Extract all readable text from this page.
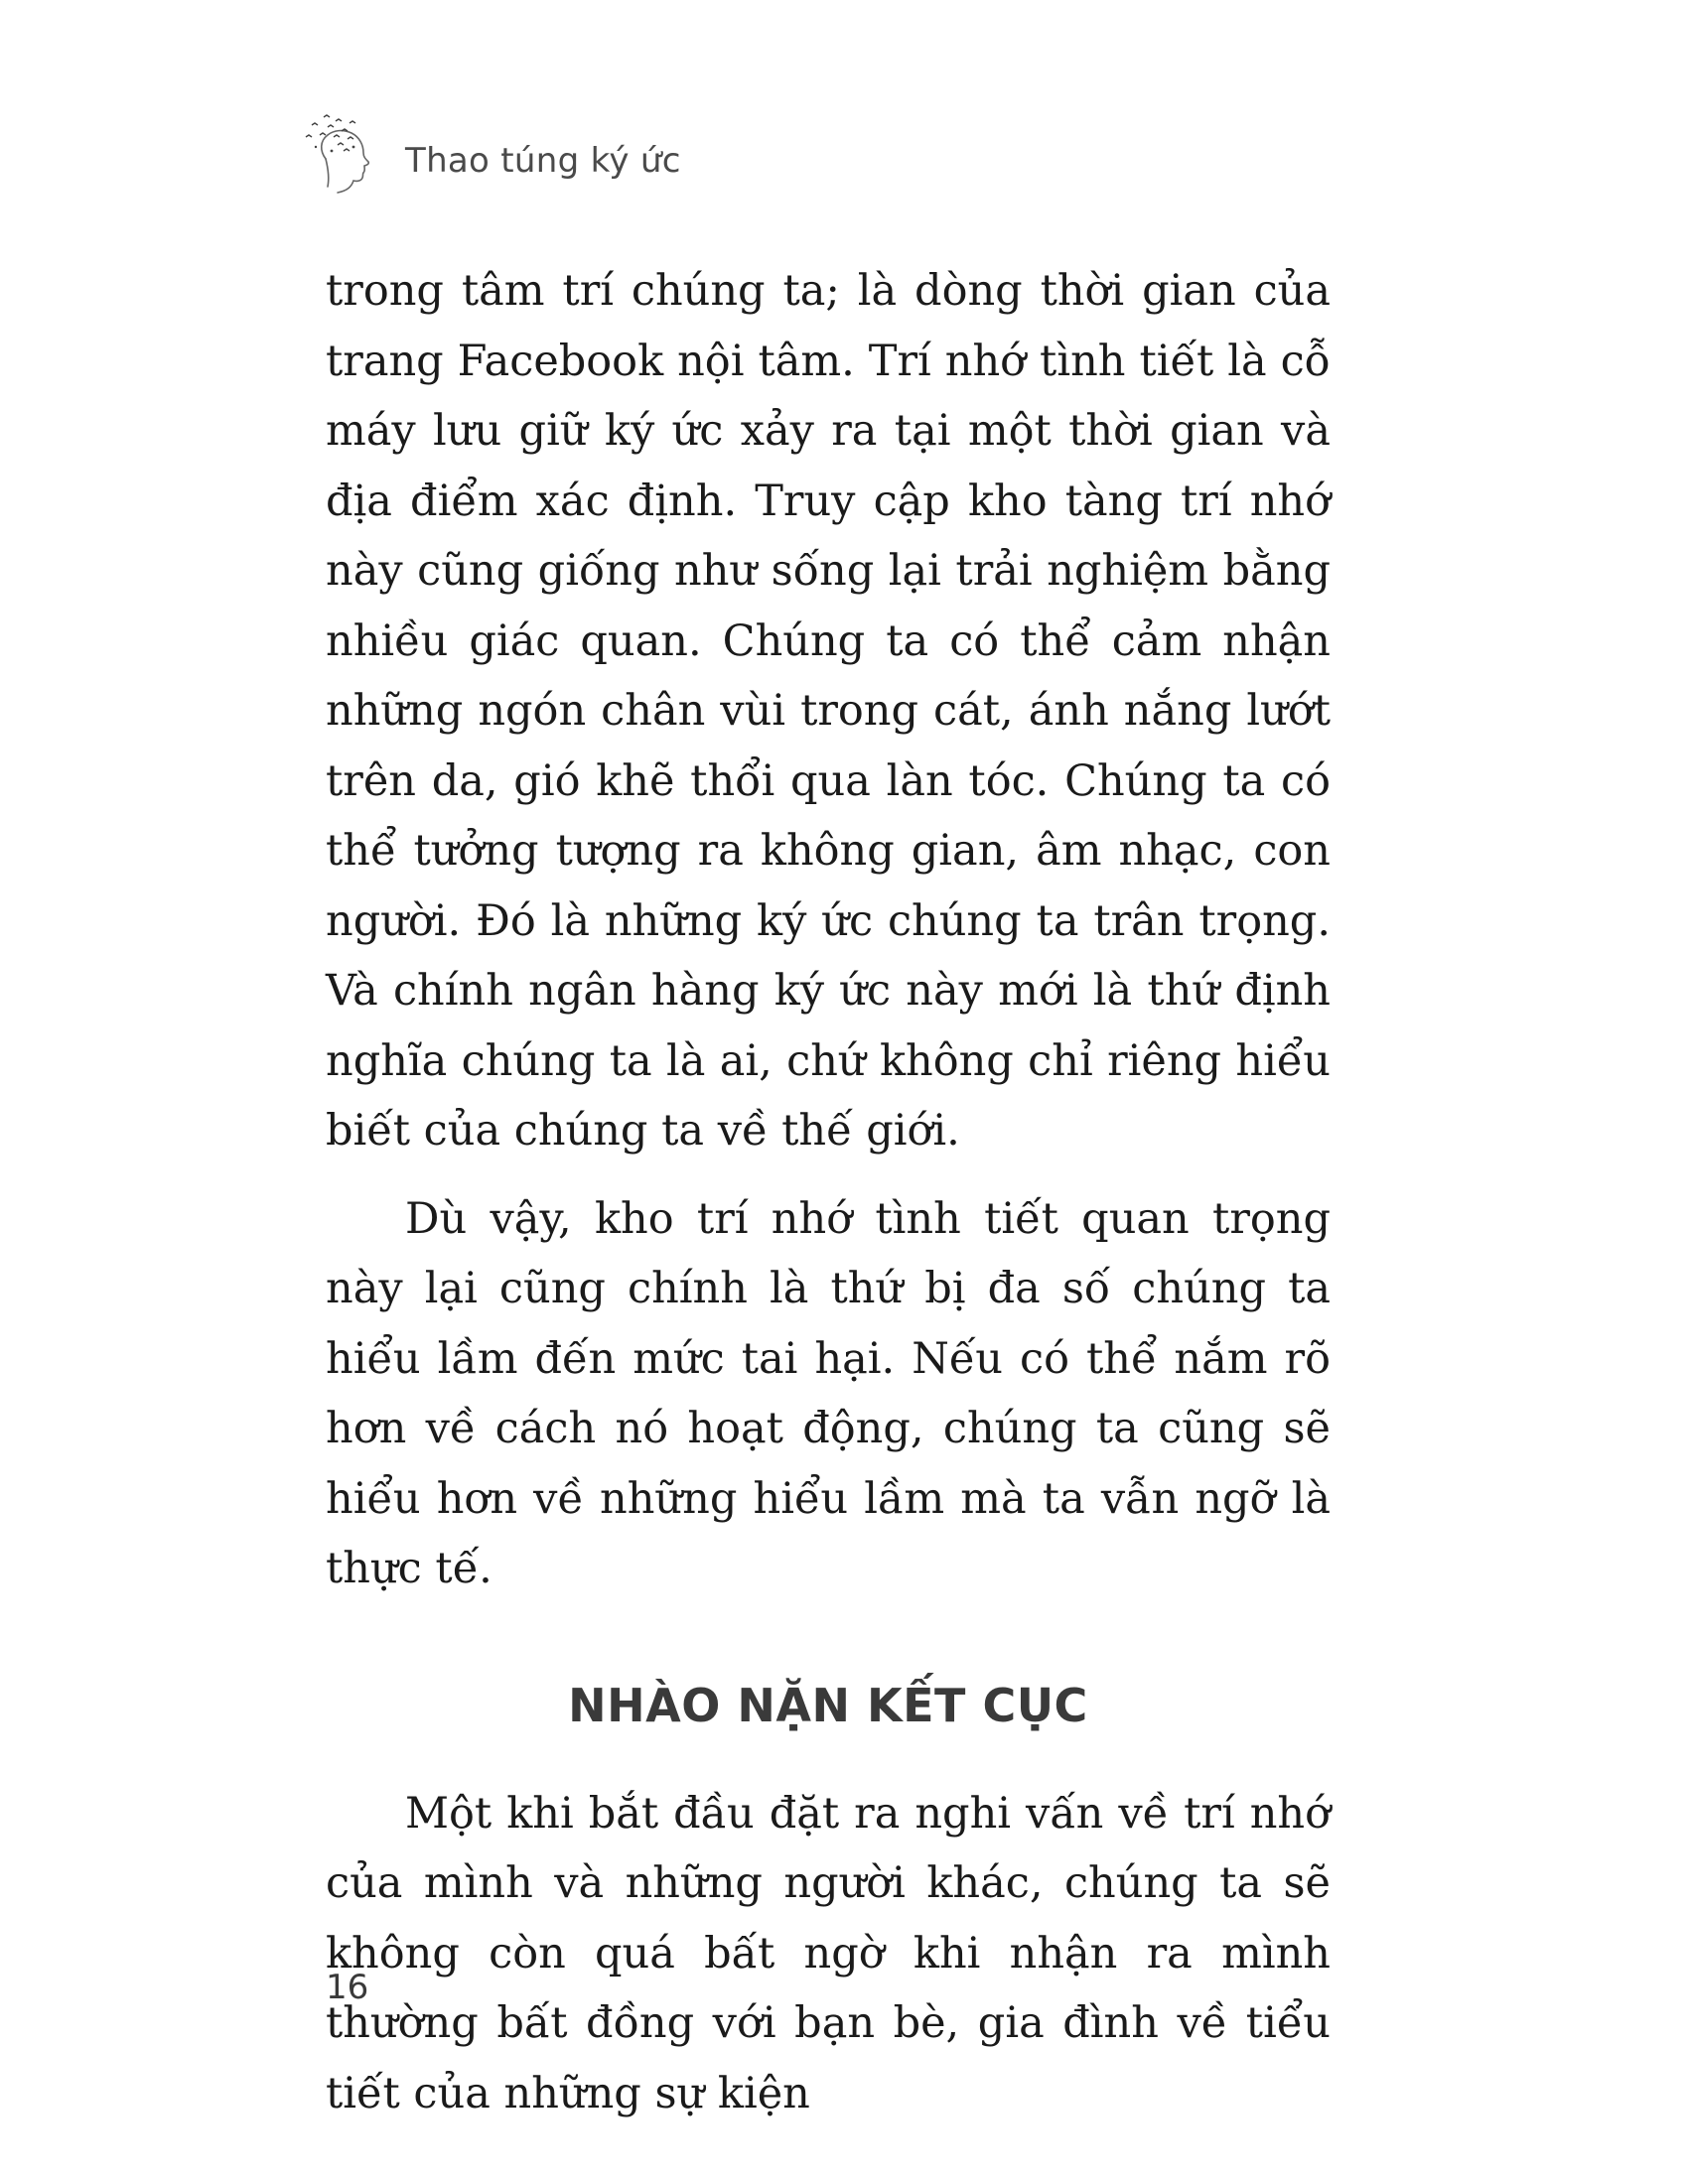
Thao túng ký ức

trong tâm trí chúng ta; là dòng thời gian của trang Facebook nội tâm. Trí nhớ tình tiết là cỗ máy lưu giữ ký ức xảy ra tại một thời gian và địa điểm xác định. Truy cập kho tàng trí nhớ này cũng giống như sống lại trải nghiệm bằng nhiều giác quan. Chúng ta có thể cảm nhận những ngón chân vùi trong cát, ánh nắng lướt trên da, gió khẽ thổi qua làn tóc. Chúng ta có thể tưởng tượng ra không gian, âm nhạc, con người. Đó là những ký ức chúng ta trân trọng. Và chính ngân hàng ký ức này mới là thứ định nghĩa chúng ta là ai, chứ không chỉ riêng hiểu biết của chúng ta về thế giới.

Dù vậy, kho trí nhớ tình tiết quan trọng này lại cũng chính là thứ bị đa số chúng ta hiểu lầm đến mức tai hại. Nếu có thể nắm rõ hơn về cách nó hoạt động, chúng ta cũng sẽ hiểu hơn về những hiểu lầm mà ta vẫn ngỡ là thực tế.

NHÀO NẶN KẾT CỤC

Một khi bắt đầu đặt ra nghi vấn về trí nhớ của mình và những người khác, chúng ta sẽ không còn quá bất ngờ khi nhận ra mình thường bất đồng với bạn bè, gia đình về tiểu tiết của những sự kiện

16
